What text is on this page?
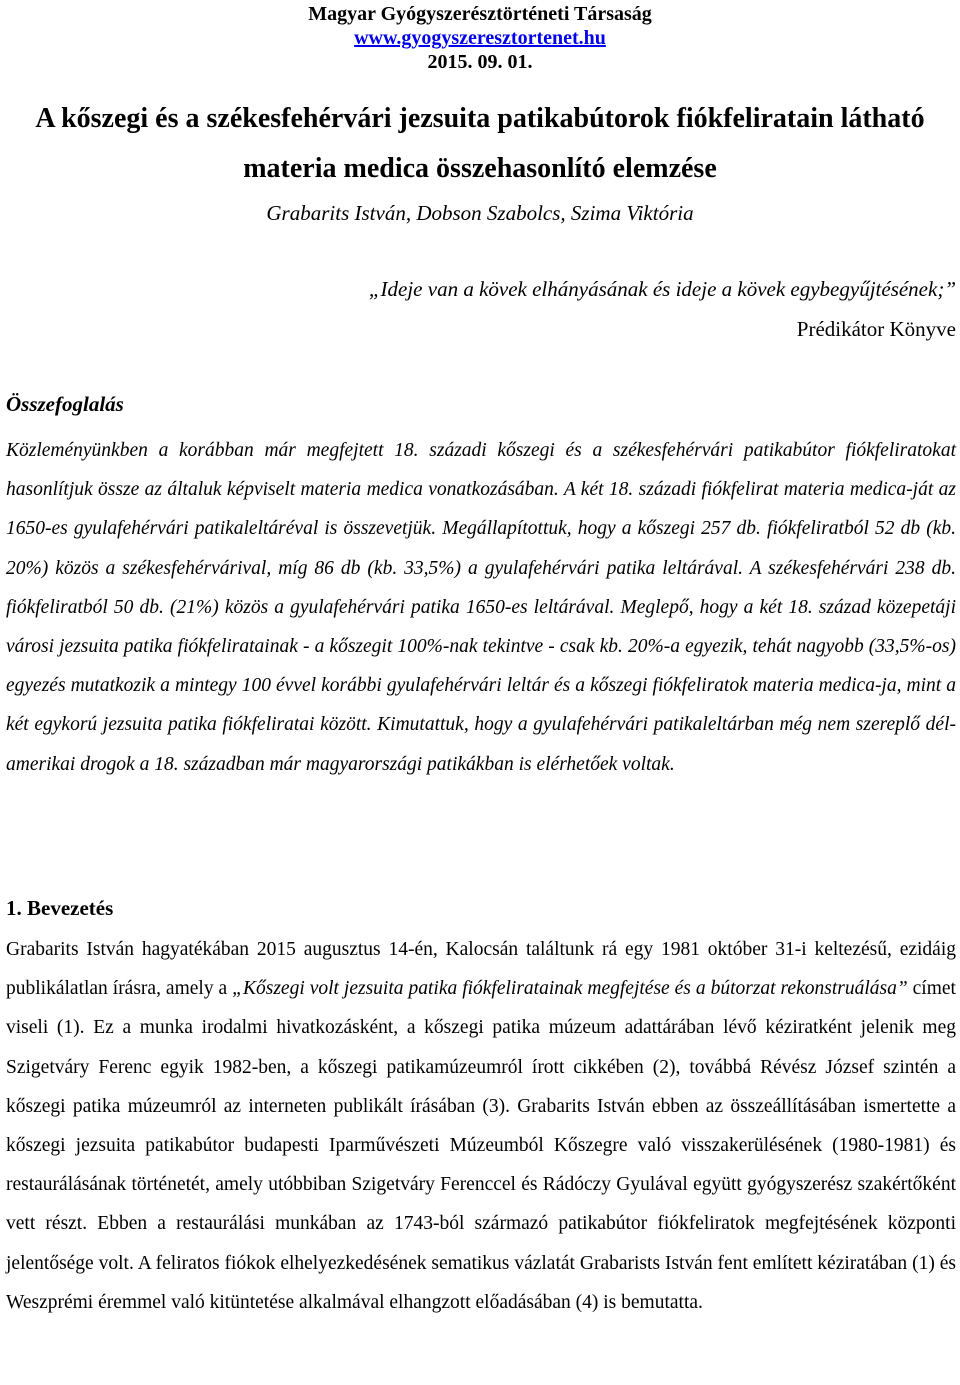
Magyar Gyógyszerésztörténeti Társaság
www.gyogyszeresztortenet.hu
2015. 09. 01.
A kőszegi és a székesfehérvári jezsuita patikabútorok fiókfeliratain látható
materia medica összehasonlító elemzése
Grabarits István, Dobson Szabolcs, Szima Viktória
„Ideje van a kövek elhányásának és ideje a kövek egybegyűjtésének;”
Prédikátor Könyve
Összefoglalás

Közleményünkben a korábban már megfejtett 18. századi kőszegi és a székesfehérvári patikabútor fiókfeliratokat hasonlítjuk össze az általuk képviselt materia medica vonatkozásában. A két 18. századi fiókfelirat materia medica-ját az 1650-es gyulafehérvári patikaleltáréval is összevetjük. Megállapítottuk, hogy a kőszegi 257 db. fiókfeliratból 52 db (kb. 20%) közös a székesfehérvárival, míg 86 db (kb. 33,5%) a gyulafehérvári patika leltárával. A székesfehérvári 238 db. fiókfeliratból 50 db. (21%) közös a gyulafehérvári patika 1650-es leltárával. Meglepő, hogy a két 18. század közepetáji városi jezsuita patika fiókfeliratainak - a kőszegit 100%-nak tekintve - csak kb. 20%-a egyezik, tehát nagyobb (33,5%-os) egyezés mutatkozik a mintegy 100 évvel korábbi gyulafehérvári leltár és a kőszegi fiókfeliratok materia medica-ja, mint a két egykorú jezsuita patika fiókfeliratai között. Kimutattuk, hogy a gyulafehérvári patikaleltárban még nem szereplő dél-amerikai drogok a 18. században már magyarországi patikákban is elérhetőek voltak.

1. Bevezetés

Grabarits István hagyatékában 2015 augusztus 14-én, Kalocsán találtunk rá egy 1981 október 31-i keltezésű, ezidáig publikálatlan írásra, amely a „Kőszegi volt jezsuita patika fiókfeliratainak megfejtése és a bútorzat rekonstruálása” címet viseli (1). Ez a munka irodalmi hivatkozásként, a kőszegi patika múzeum adattárában lévő kéziratként jelenik meg Szigetváry Ferenc egyik 1982-ben, a kőszegi patikamúzeumról írott cikkében (2), továbbá Révész József szintén a kőszegi patika múzeumról az interneten publikált írásában (3). Grabarits István ebben az összeállításában ismertette a kőszegi jezsuita patikabútor budapesti Iparművészeti Múzeumból Kőszegre való visszakerülésének (1980-1981) és restaurálásának történetét, amely utóbbiban Szigetváry Ferenccel és Rádóczy Gyulával együtt gyógyszerész szakértőként vett részt. Ebben a restaurálási munkában az 1743-ból származó patikabútor fiókfeliratok megfejtésének központi jelentősége volt. A feliratos fiókok elhelyezkedésének sematikus vázlatát Grabarists István fent említett kéziratában (1) és Weszprémi éremmel való kitüntetése alkalmával elhangzott előadásában (4) is bemutatta.
